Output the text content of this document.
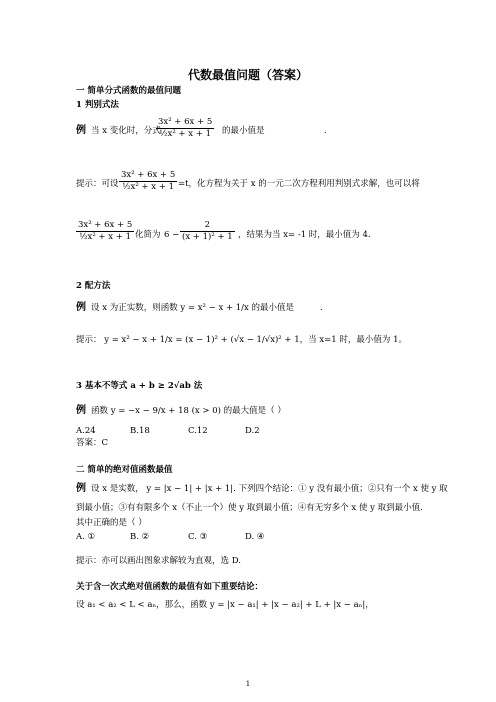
代数最值问题（答案）
一 简单分式函数的最值问题
1 判别式法
例 当 x 变化时，分式
3x² + 6x + 5
½x² + x + 1 的最小值是	.
提示：可设
3x² + 6x + 5
½x² + x + 1 =t，化方程为关于 x 的一元二次方程利用判别式求解，也可以将
3x² + 6x + 5
½x² + x + 1 化简为 6 −
2
(x + 1)² + 1 ，结果为当 x= -1 时，最小值为 4.
2 配方法
例 设 x 为正实数，则函数 y = x² − x + 1/x 的最小值是	.
提示： y = x² − x + 1/x = (x − 1)² + (√x − 1/√x)² + 1，当 x=1 时，最小值为 1。
3 基本不等式 a + b ≥ 2√ab 法
例 函数 y = −x − 9/x + 18 (x > 0) 的最大值是（ ）
A.24	B.18	C.12	D.2
答案：C
二 简单的绝对值函数最值
例 设 x 是实数， y = |x − 1| + |x + 1|. 下列四个结论：① y 没有最小值；②只有一个 x 使 y 取
到最小值；③有有限多个 x（不止一个）使 y 取到最小值；④有无穷多个 x 使 y 取到最小值.
其中正确的是（ ）
A. ①	B. ②	C. ③	D. ④
提示：亦可以画出图象求解较为直观，选 D.
关于含一次式绝对值函数的最值有如下重要结论：
设 a₁ < a₂ < L < aₙ，那么，函数 y = |x − a₁| + |x − a₂| + L + |x − aₙ|，
1
